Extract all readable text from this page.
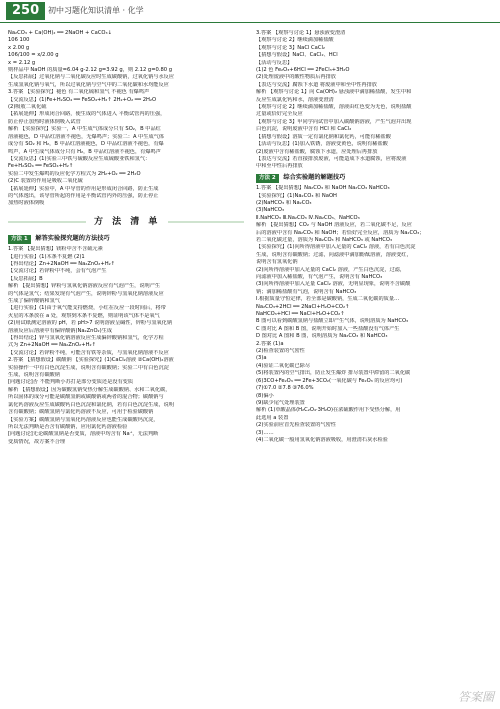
250	初中习题化知识清单 · 化学
Na₂CO₃ + Ca(OH)₂ ══ 2NaOH + CaCO₃↓
106 100
x 2.00 g
106/100 = x/2.00 g
x = 2.12 g
则样品中 NaOH 的质量=6.04 g-2.12 g=3.92 g，则 2.12 g=0.80 g
【反思拓展】过氧化钠与二氧化碳反应时生成碳酸钠，过氧化钠与水反应
生成氢氧化钠与氧气，所以过氧化钠与空气中的二氧化碳和水均能反应
3.答案 【实验探究】褪色 有二氧化硫和氢气 不褪色 有爆鸣声
【交流反思】(1)Fe+H₂SO₄ ══ FeSO₄+H₂↑ 2H₂+O₂ ══ 2H₂O
(2)吸收二氧化硫
【拓展延伸】形成闭合回路，使生成的气体进入 平衡试管内的压强，
防止停止加热时液体倒吸入试管
解析 【实验探究】实验一，A 中生成气体成分只有 SO₂，B 中品红
溶液褪色，D 中品红溶液不褪色，无爆鸣声；实验二：A 中生成气体
成分有 SO₂ 和 H₂，B 中品红溶液褪色，D 中品红溶液不褪色，有爆
鸣声，A 中生成气体成分只有 H₂，B 中品红溶液不褪色，有爆鸣声
【交流反思】(1)实验三中铁与硫酸反应生成硫酸亚铁和氢气：
Fe+H₂SO₄ ══ FeSO₄+H₂↑
实验二中发生爆鸣的反应化学方程式为 2H₂+O₂ ══ 2H₂O
(2)C 装置的作用是吸收二氧化硫
【拓展延伸】实验中，A 中导管的作用是形成闭合回路，防止生成
的气体逸出，该导管所起的作用是平衡试管内外的压强，防止停止
加热时液体倒吸
方 法 清 单
方法 1 解答实验探究题的方法技巧
1.答案 【提出猜想】镁粉中含不含硫元素
【进行实验】(1)木条不复燃 (2)1
【得出结论】Zn+2NaOH ══ Na₂ZnO₂+H₂↑
【交流讨论】若锌粉中不纯，会有气泡产生
【反思拓展】B
解析 【提出猜想】锌粉与氢氧化钠溶液反应有气泡产生，说明产生
的气体是氢气；结果发现有气泡产生，说明锌粉与氢氧化钠溶液反应
生成了偏锌酸钠和氢气
【进行实验】(1)由于氧气能支持燃烧，小红在反应一段时间后，将带
火星的木条放在 a 处，观察到木条不复燃，则证明该气体不是氧气
(2)用试纸测定溶液的 pH，若 pH>7 说明溶液呈碱性，锌粉与氢氧化钠
溶液反应后溶液中有偏锌酸钠(Na₂ZnO₂)生成
【得出结论】锌与氢氧化钠溶液反应生成偏锌酸钠和氢气，化学方程
式为 Zn+2NaOH ══ Na₂ZnO₂+H₂↑
【交流讨论】若锌粉不纯，可能含有铁等杂质，与氢氧化钠溶液不反应
2.答案 【猜想假设】碳酸钠 【实验探究】(1)CaCl₂溶液 ②Ca(OH)₂溶液
实验操作一中有白色沉淀生成，说明含有碳酸钠；实验二中有白色沉淀
生成，说明含有碳酸钠
[问题讨论]否 不能判断小苏打是部分变质还是没有变质
解析 【猜想假设】因为碳酸氢钠受热分解生成碳酸钠、水和二氧化碳，
所以固体的成分可能是碳酸氢钠或碳酸钠或两者的混合物；碳酸钠与
氯化钙溶液反应生成碳酸钙白色沉淀和氯化钠，若有白色沉淀生成，说明
含有碳酸钠；碳酸氢钠与氯化钙溶液不反应，可用于检验碳酸钠
【实验方案】碳酸氢钠与氢氧化钙溶液反应也能生成碳酸钙沉淀，
所以无法判断是否含有碳酸钠，应用氯化钙溶液检验
[问题讨论]无论碳酸氢钠是否变质，溶液中均含有 Na⁺，无法判断
变质情况，故方案不合理
3.答案 【观察与讨论 1】悬浊液变澄清
【观察与讨论 2】继续滴加稀盐酸
【观察与讨论 3】NaCl CaCl₂
【猜想与假设】NaCl、CaCl₂、HCl
【活动与反思】
(1)2 色 Fe₂O₃+6HCl ══ 2FeCl₃+3H₂O
(2)处理废液中的酸性物质后再排放
【表达与交流】腐蚀下水道 将废液中和至中性再排放
解析 【观察与讨论 1】向 Ca(OH)₂ 悬浊液中滴加稀盐酸，发生中和
反应生成氯化钙和水，溶液变澄清
【观察与讨论 2】继续滴加稀盐酸，溶液由红色变为无色，说明盐酸
过量或恰好完全反应
【观察与讨论 3】甲同学向试管中加入碳酸钠溶液，产生气泡并出现
白色沉淀，说明废液中含有 HCl 和 CaCl₂
【猜想与假设】溶质一定有氯化钠和氯化钙，可能有稀盐酸
【活动与反思】(1)加入铁锈，溶液变黄色，说明有稀盐酸
(2)废液中含有稀盐酸，腐蚀下水道，应处理后再排放
【表达与交流】若直接排放废液，可能造成下水道腐蚀，应将废液
中和至中性后再排放
方法 2 综合实验题的解题技巧
1.答案 【提出猜想】Na₂CO₃ 和 NaOH Na₂CO₃ NaHCO₃
【实验探究】(1)Na₂CO₃ 和 NaOH
(2)NaHCO₃ 和 Na₂CO₃
(3)NaHCO₃
Ⅱ.NaHCO₃ Ⅲ.Na₂CO₃ Ⅳ.Na₂CO₃、NaHCO₃
解析 【提出猜想】CO₂ 与 NaOH 溶液反应，若二氧化碳不足，反应
后的溶液中含有 Na₂CO₃ 和 NaOH；若恰好完全反应，溶质为 Na₂CO₃；
若二氧化碳过量，溶质为 Na₂CO₃ 和 NaHCO₃ 或 NaHCO₃
【实验探究】(1)向所得溶液中加入足量的 CaCl₂ 溶液，若有白色沉淀
生成，说明含有碳酸钠；过滤，向滤液中滴加酚酞溶液，溶液变红，
说明含有氢氧化钠
(2)向所得溶液中加入足量的 CaCl₂ 溶液，产生白色沉淀，过滤，
向滤液中加入稀盐酸，有气泡产生，说明含有 NaHCO₃
(3)向所得溶液中加入足量 CaCl₂ 溶液，无明显现象，说明不含碳酸
钠；滴加稀盐酸有气泡，说明含有 NaHCO₃
Ⅰ.根据质量守恒定律，若全部是碳酸钠，生成二氧化碳的质量…
Na₂CO₃+2HCl ══ 2NaCl+H₂O+CO₂↑
NaHCO₃+HCl ══ NaCl+H₂O+CO₂↑
B 图可以看到碳酸氢钠与盐酸立即产生气体，说明溶质为 NaHCO₃
C 图对比 A 图和 B 图，说明开始时加入一些盐酸没有气体产生
D 图对比 A 图和 B 图，说明溶质为 Na₂CO₃ 和 NaHCO₃
2.答案 (1)a
(2)检查装置的气密性
(3)a
(4)验证二氧化碳已除尽
(5)将装置内的空气排出，防止发生爆炸 排尽装置中滞留的二氧化碳
(6)3CO+Fe₂O₃ ══ 2Fe+3CO₂(一氧化碳与 Fe₂O₃ 的反应均可)
(7)①7.0 ②7.8 ③76.0%
(8)偏小
(9)缺少尾气处理装置
解析 (1)草酸晶体(H₂C₂O₄·3H₂O)在浓硫酸作用下受热分解，用
此选用 a 装置
(2)实验前应首先检查装置的气密性
(3)……
(4)二氧化碳一般用氢氧化钠溶液吸收，用澄清石灰水检验
答案圈
